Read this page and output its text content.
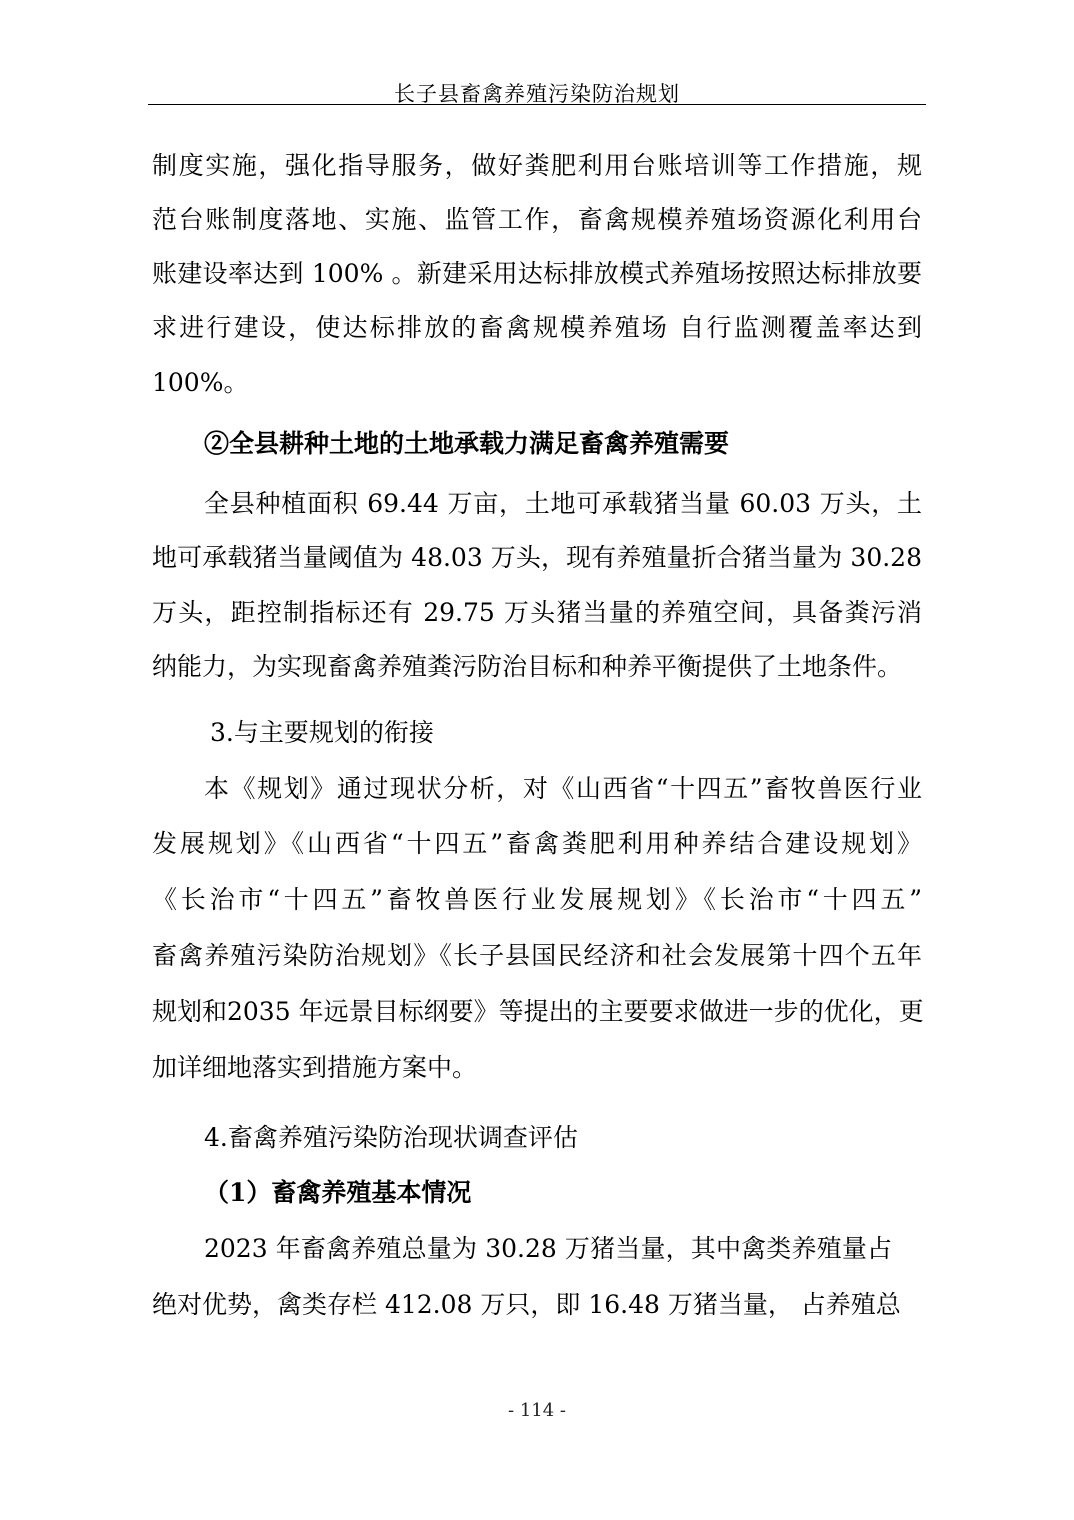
长子县畜禽养殖污染防治规划
制度实施，强化指导服务，做好粪肥利用台账培训等工作措施，规
范台账制度落地、实施、监管工作，畜禽规模养殖场资源化利用台
账建设率达到 100% 。新建采用达标排放模式养殖场按照达标排放要
求进行建设，使达标排放的畜禽规模养殖场 自行监测覆盖率达到
100%。
②全县耕种土地的土地承载力满足畜禽养殖需要
全县种植面积 69.44 万亩，土地可承载猪当量 60.03 万头，土
地可承载猪当量阈值为 48.03 万头，现有养殖量折合猪当量为 30.28
万头，距控制指标还有 29.75 万头猪当量的养殖空间，具备粪污消
纳能力，为实现畜禽养殖粪污防治目标和种养平衡提供了土地条件。
3.与主要规划的衔接
本《规划》通过现状分析，对《山西省“十四五”畜牧兽医行业
发展规划》《山西省“十四五”畜禽粪肥利用种养结合建设规划》
《长治市“十四五”畜牧兽医行业发展规划》《长治市“十四五”
畜禽养殖污染防治规划》《长子县国民经济和社会发展第十四个五年
规划和2035 年远景目标纲要》等提出的主要要求做进一步的优化，更
加详细地落实到措施方案中。
4.畜禽养殖污染防治现状调查评估
（1）畜禽养殖基本情况
2023 年畜禽养殖总量为 30.28 万猪当量，其中禽类养殖量占
绝对优势，禽类存栏 412.08 万只，即 16.48 万猪当量， 占养殖总
- 114 -
